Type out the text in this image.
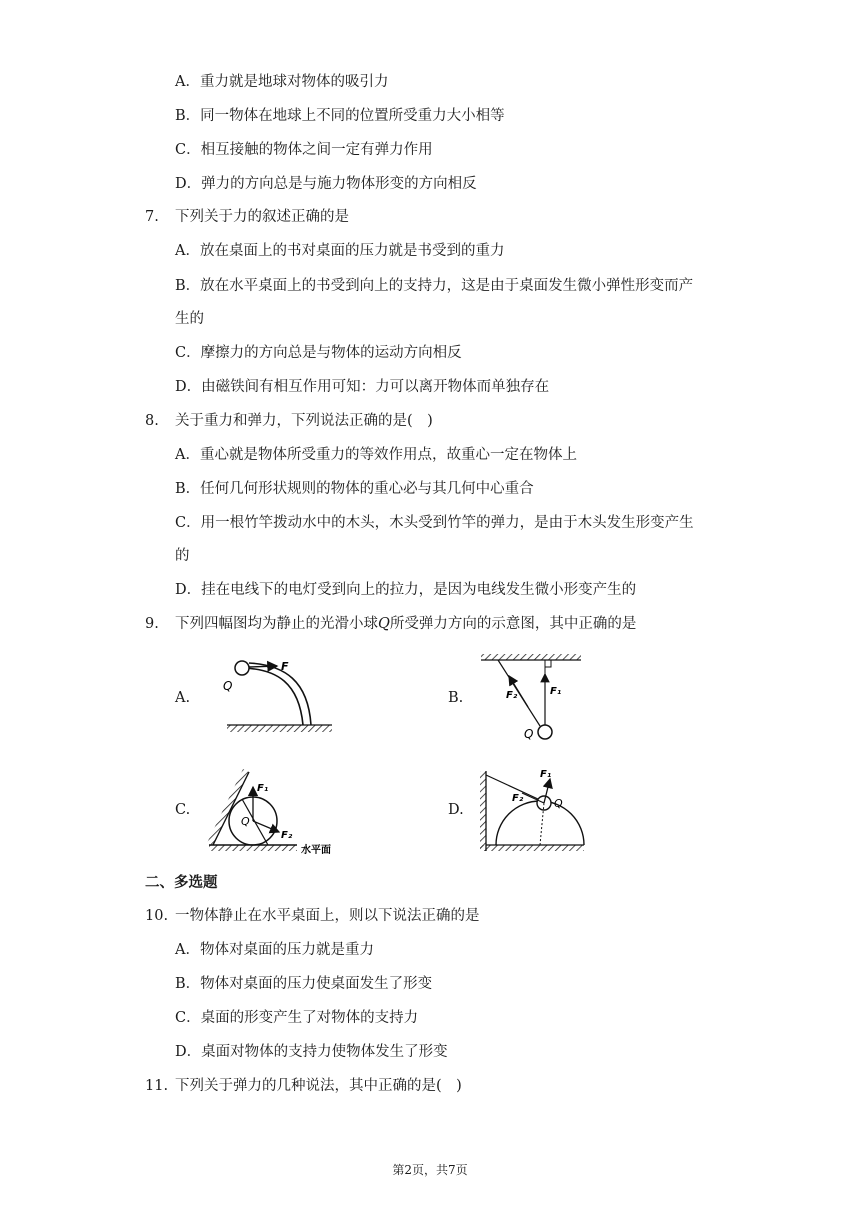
A．重力就是地球对物体的吸引力
B．同一物体在地球上不同的位置所受重力大小相等
C．相互接触的物体之间一定有弹力作用
D．弹力的方向总是与施力物体形变的方向相反
7. 下列关于力的叙述正确的是
A．放在桌面上的书对桌面的压力就是书受到的重力
B．放在水平桌面上的书受到向上的支持力，这是由于桌面发生微小弹性形变而产
生的
C．摩擦力的方向总是与物体的运动方向相反
D．由磁铁间有相互作用可知：力可以离开物体而单独存在
8. 关于重力和弹力，下列说法正确的是(　)
A．重心就是物体所受重力的等效作用点，故重心一定在物体上
B．任何几何形状规则的物体的重心必与其几何中心重合
C．用一根竹竿拨动水中的木头，木头受到竹竿的弹力，是由于木头发生形变产生
的
D．挂在电线下的电灯受到向上的拉力，是因为电线发生微小形变产生的
9. 下列四幅图均为静止的光滑小球Q所受弹力方向的示意图，其中正确的是
A.
F
Q
B.	F₁
F₂
Q
C.
F₁
F₂
Q
水平面
D.
F₁
F₂	Q
二、多选题
10. 一物体静止在水平桌面上，则以下说法正确的是
A．物体对桌面的压力就是重力
B．物体对桌面的压力使桌面发生了形变
C．桌面的形变产生了对物体的支持力
D．桌面对物体的支持力使物体发生了形变
11. 下列关于弹力的几种说法，其中正确的是(　)
第2页，共7页
